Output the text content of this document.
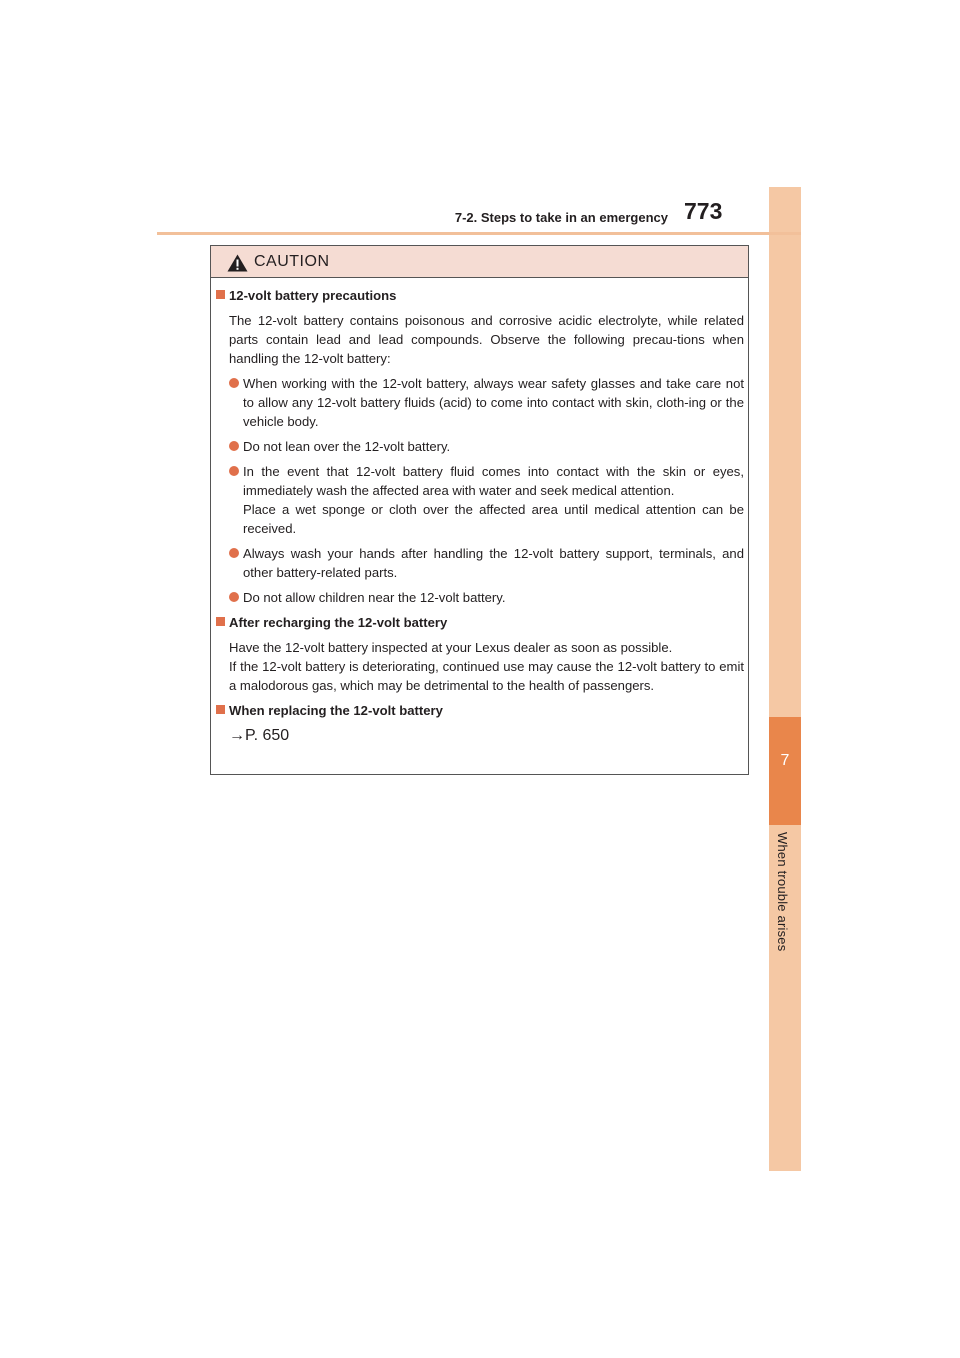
7
When trouble arises
7-2. Steps to take in an emergency 773
CAUTION
12-volt battery precautions
The 12-volt battery contains poisonous and corrosive acidic electrolyte, while related parts contain lead and lead compounds. Observe the following precau-tions when handling the 12-volt battery:
When working with the 12-volt battery, always wear safety glasses and take care not to allow any 12-volt battery fluids (acid) to come into contact with skin, cloth-ing or the vehicle body.
Do not lean over the 12-volt battery.
In the event that 12-volt battery fluid comes into contact with the skin or eyes, immediately wash the affected area with water and seek medical attention.
Place a wet sponge or cloth over the affected area until medical attention can be received.
Always wash your hands after handling the 12-volt battery support, terminals, and other battery-related parts.
Do not allow children near the 12-volt battery.
After recharging the 12-volt battery
Have the 12-volt battery inspected at your Lexus dealer as soon as possible.
If the 12-volt battery is deteriorating, continued use may cause the 12-volt battery to emit a malodorous gas, which may be detrimental to the health of passengers.
When replacing the 12-volt battery
→P. 650
